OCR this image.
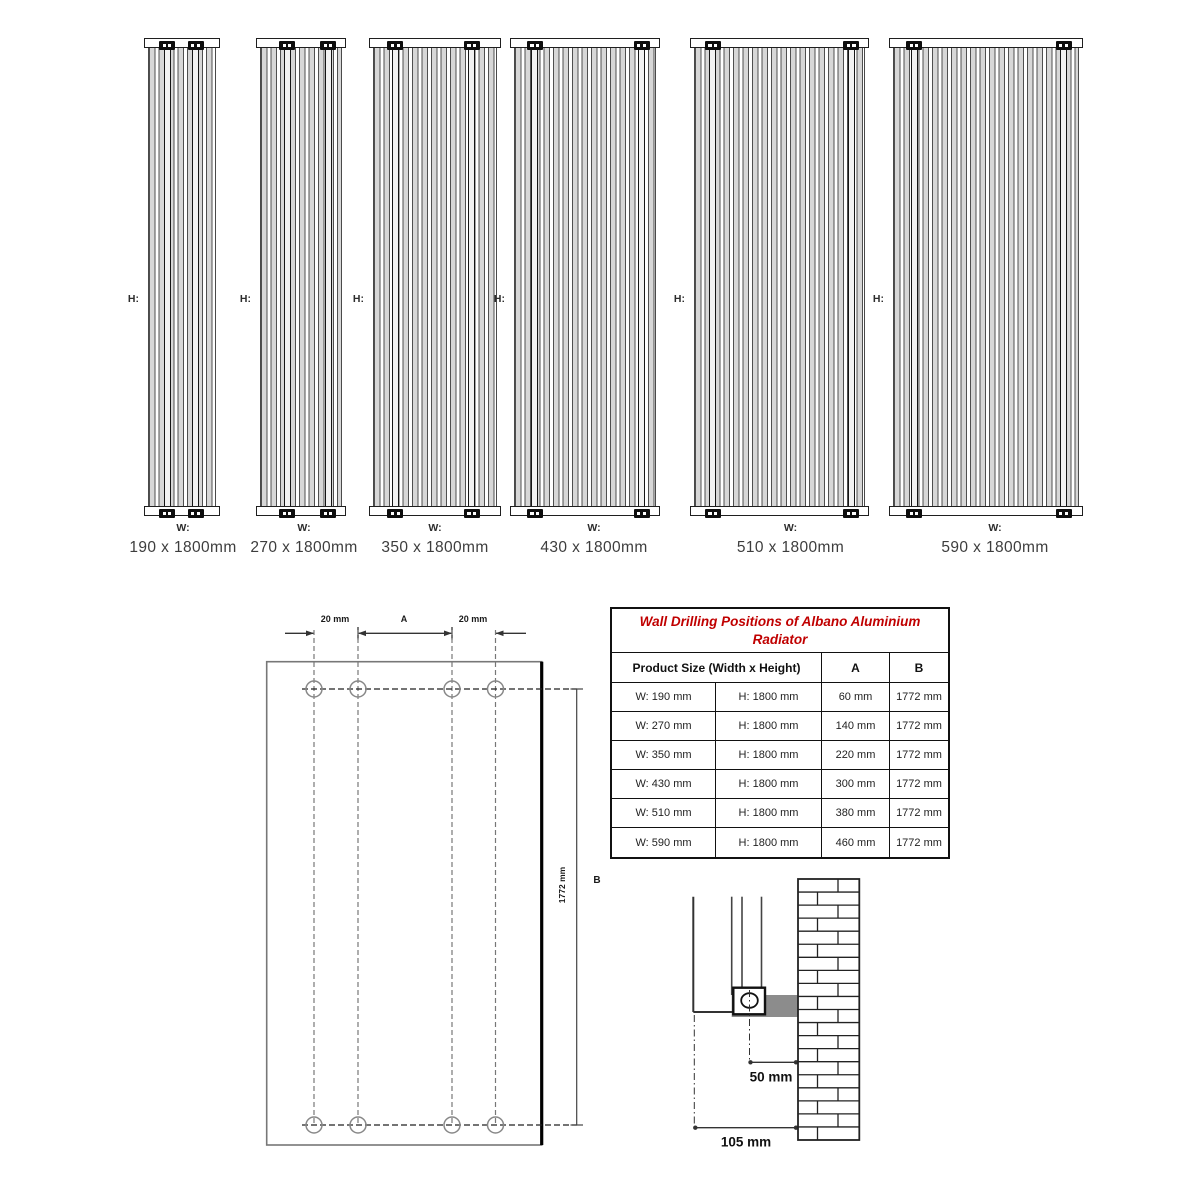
H:
W:
190 x 1800mm
H:
W:
270 x 1800mm
H:
W:
350 x 1800mm
H:
W:
430 x 1800mm
H:
W:
510 x 1800mm
H:
W:
590 x 1800mm
20 mm	A	20 mm
1772 mm	B
Wall Drilling Positions of Albano Aluminium Radiator
Product Size (Width x Height)	A	B
W: 190 mm	H: 1800 mm	60 mm	1772 mm
W: 270 mm	H: 1800 mm	140 mm	1772 mm
W: 350 mm	H: 1800 mm	220 mm	1772 mm
W: 430 mm	H: 1800 mm	300 mm	1772 mm
W: 510 mm	H: 1800 mm	380 mm	1772 mm
W: 590 mm	H: 1800 mm	460 mm	1772 mm
50 mm
105 mm
